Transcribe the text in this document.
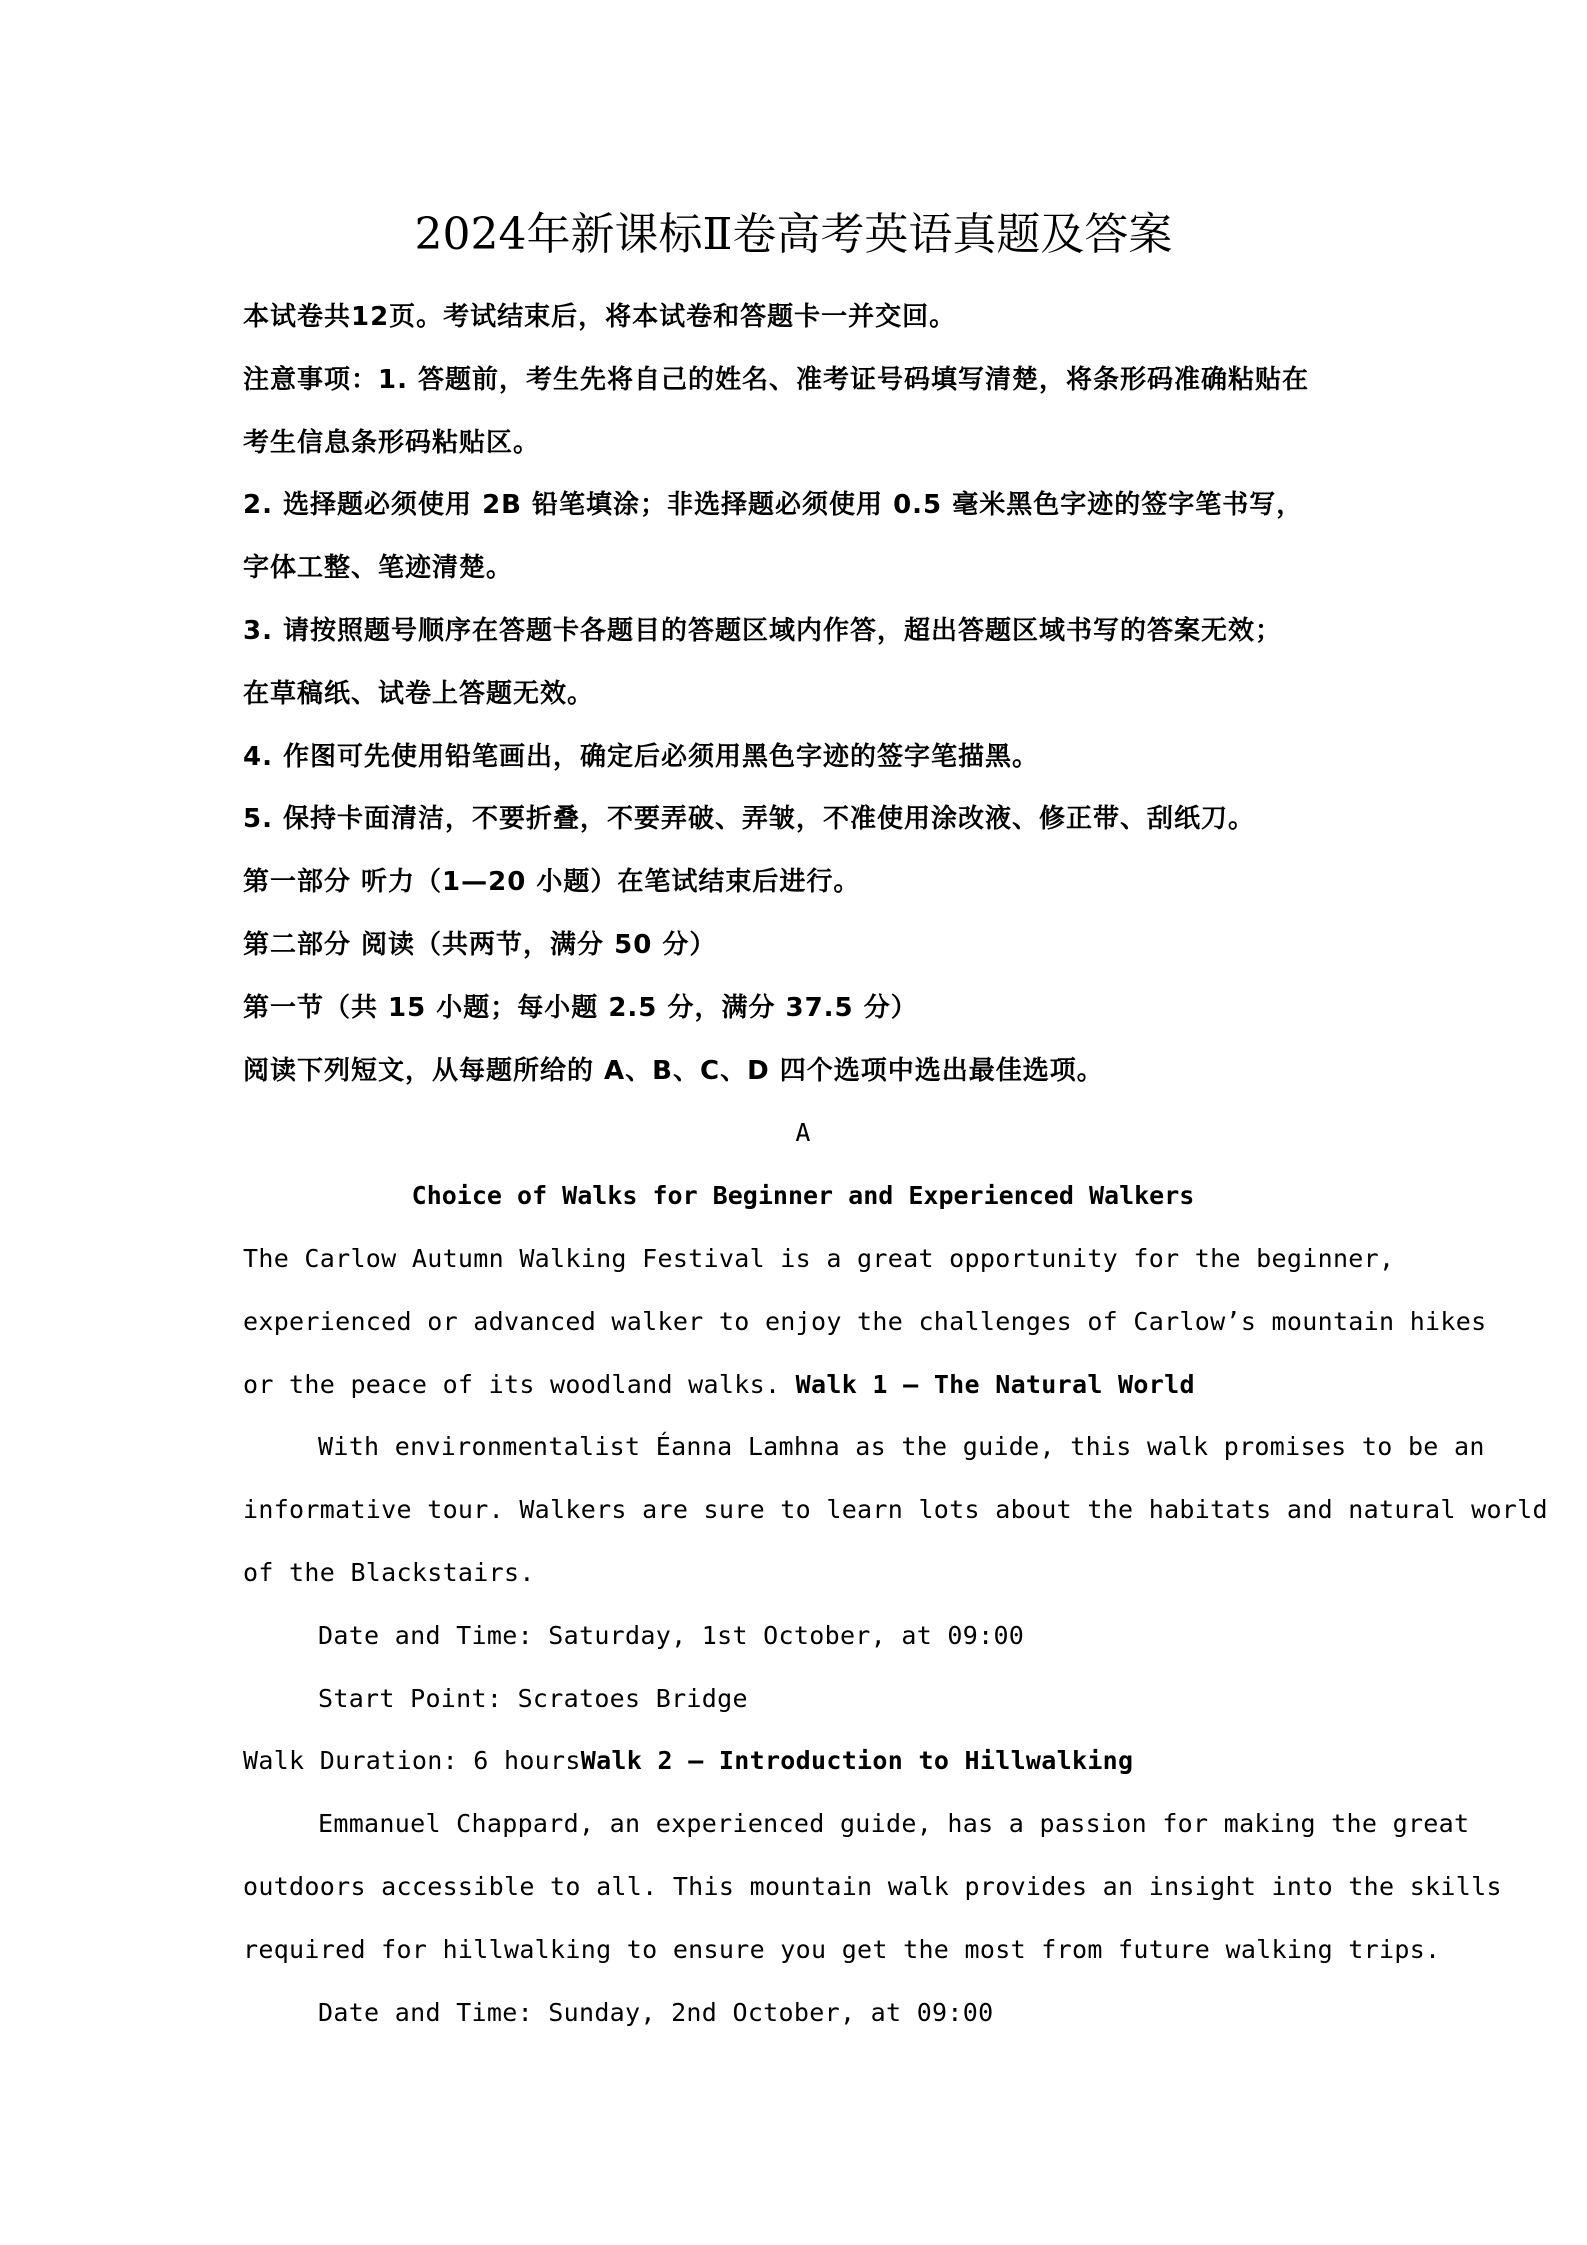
2024年新课标Ⅱ卷高考英语真题及答案
本试卷共12页。考试结束后，将本试卷和答题卡一并交回。
注意事项：1. 答题前，考生先将自己的姓名、准考证号码填写清楚，将条形码准确粘贴在
考生信息条形码粘贴区。
2. 选择题必须使用 2B 铅笔填涂；非选择题必须使用 0.5 毫米黑色字迹的签字笔书写，
字体工整、笔迹清楚。
3. 请按照题号顺序在答题卡各题目的答题区域内作答，超出答题区域书写的答案无效；
在草稿纸、试卷上答题无效。
4. 作图可先使用铅笔画出，确定后必须用黑色字迹的签字笔描黑。
5. 保持卡面清洁，不要折叠，不要弄破、弄皱，不准使用涂改液、修正带、刮纸刀。
第一部分 听力（1—20 小题）在笔试结束后进行。
第二部分 阅读（共两节，满分 50 分）
第一节（共 15 小题；每小题 2.5 分，满分 37.5 分）
阅读下列短文，从每题所给的 A、B、C、D 四个选项中选出最佳选项。
A
Choice of Walks for Beginner and Experienced Walkers
The Carlow Autumn Walking Festival is a great opportunity for the beginner,
experienced or advanced walker to enjoy the challenges of Carlow’s mountain hikes
or the peace of its woodland walks. Walk 1 — The Natural World
With environmentalist Éanna Lamhna as the guide, this walk promises to be an
informative tour. Walkers are sure to learn lots about the habitats and natural world
of the Blackstairs.
Date and Time: Saturday, 1st October, at 09:00
Start Point: Scratoes Bridge
Walk Duration: 6 hoursWalk 2 — Introduction to Hillwalking
Emmanuel Chappard, an experienced guide, has a passion for making the great
outdoors accessible to all. This mountain walk provides an insight into the skills
required for hillwalking to ensure you get the most from future walking trips.
Date and Time: Sunday, 2nd October, at 09:00
